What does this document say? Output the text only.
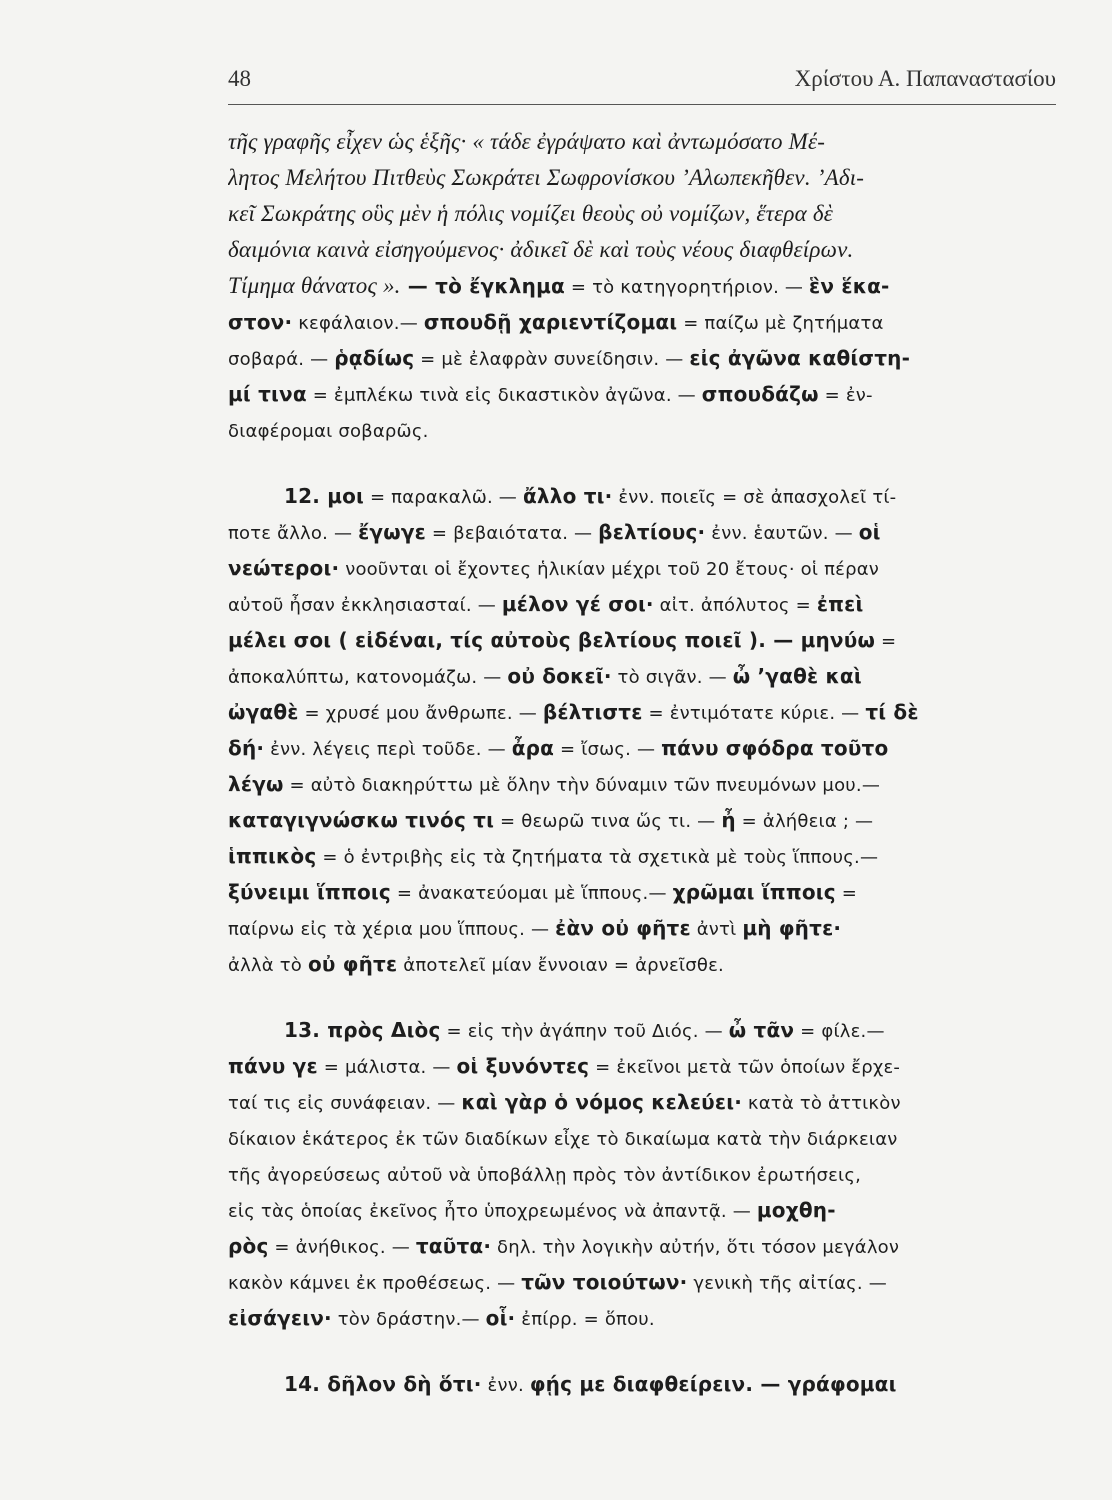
48	Χρίστου Α. Παπαναστασίου
τῆς γραφῆς εἶχεν ὡς ἑξῆς· « τάδε ἐγράψατο καὶ ἀντωμόσατο Μέ-
λητος Μελήτου Πιτθεὺς Σωκράτει Σωφρονίσκου ’Αλωπεκῆθεν. ’Αδι-
κεῖ Σωκράτης οὓς μὲν ἡ πόλις νομίζει θεοὺς οὐ νομίζων, ἕτερα δὲ
δαιμόνια καινὰ εἰσηγούμενος· ἀδικεῖ δὲ καὶ τοὺς νέους διαφθείρων.
Τίμημα θάνατος ». — τὸ ἔγκλημα = τὸ κατηγορητήριον. — ἓν ἕκα-
στον· κεφάλαιον.— σπουδῇ χαριεντίζομαι = παίζω μὲ ζητήματα
σοβαρά. — ῥᾳδίως = μὲ ἐλαφρὰν συνείδησιν. — εἰς ἀγῶνα καθίστη-
μί τινα = ἐμπλέκω τινὰ εἰς δικαστικὸν ἀγῶνα. — σπουδάζω = ἐν-
διαφέρομαι σοβαρῶς.
12. μοι = παρακαλῶ. — ἄλλο τι· ἐνν. ποιεῖς = σὲ ἀπασχολεῖ τί-
ποτε ἄλλο. — ἔγωγε = βεβαιότατα. — βελτίους· ἐνν. ἑαυτῶν. — οἱ
νεώτεροι· νοοῦνται οἱ ἔχοντες ἡλικίαν μέχρι τοῦ 20 ἔτους· οἱ πέραν
αὐτοῦ ἦσαν ἐκκλησιασταί. — μέλον γέ σοι· αἰτ. ἀπόλυτος = ἐπεὶ
μέλει σοι ( εἰδέναι, τίς αὐτοὺς βελτίους ποιεῖ ). — μηνύω =
ἀποκαλύπτω, κατονομάζω. — οὐ δοκεῖ· τὸ σιγᾶν. — ὦ ’γαθὲ καὶ
ὠγαθὲ = χρυσέ μου ἄνθρωπε. — βέλτιστε = ἐντιμότατε κύριε. — τί δὲ
δή· ἐνν. λέγεις περὶ τοῦδε. — ἆρα = ἴσως. — πάνυ σφόδρα τοῦτο
λέγω = αὐτὸ διακηρύττω μὲ ὅλην τὴν δύναμιν τῶν πνευμόνων μου.—
καταγιγνώσκω τινός τι = θεωρῶ τινα ὥς τι. — ἦ = ἀλήθεια ; —
ἱππικὸς = ὁ ἐντριβὴς εἰς τὰ ζητήματα τὰ σχετικὰ μὲ τοὺς ἵππους.—
ξύνειμι ἵπποις = ἀνακατεύομαι μὲ ἵππους.— χρῶμαι ἵπποις =
παίρνω εἰς τὰ χέρια μου ἵππους. — ἐὰν οὐ φῆτε ἀντὶ μὴ φῆτε·
ἀλλὰ τὸ οὐ φῆτε ἀποτελεῖ μίαν ἔννοιαν = ἀρνεῖσθε.
13. πρὸς Διὸς = εἰς τὴν ἀγάπην τοῦ Διός. — ὦ τᾶν = φίλε.—
πάνυ γε = μάλιστα. — οἱ ξυνόντες = ἐκεῖνοι μετὰ τῶν ὁποίων ἔρχε-
ταί τις εἰς συνάφειαν. — καὶ γὰρ ὁ νόμος κελεύει· κατὰ τὸ ἀττικὸν
δίκαιον ἑκάτερος ἐκ τῶν διαδίκων εἶχε τὸ δικαίωμα κατὰ τὴν διάρκειαν
τῆς ἀγορεύσεως αὐτοῦ νὰ ὑποβάλλῃ πρὸς τὸν ἀντίδικον ἐρωτήσεις,
εἰς τὰς ὁποίας ἐκεῖνος ἦτο ὑποχρεωμένος νὰ ἀπαντᾷ. — μοχθη-
ρὸς = ἀνήθικος. — ταῦτα· δηλ. τὴν λογικὴν αὐτήν, ὅτι τόσον μεγάλον
κακὸν κάμνει ἐκ προθέσεως. — τῶν τοιούτων· γενικὴ τῆς αἰτίας. —
εἰσάγειν· τὸν δράστην.— οἷ· ἐπίρρ. = ὅπου.
14. δῆλον δὴ ὅτι· ἐνν. φῄς με διαφθείρειν. — γράφομαι
